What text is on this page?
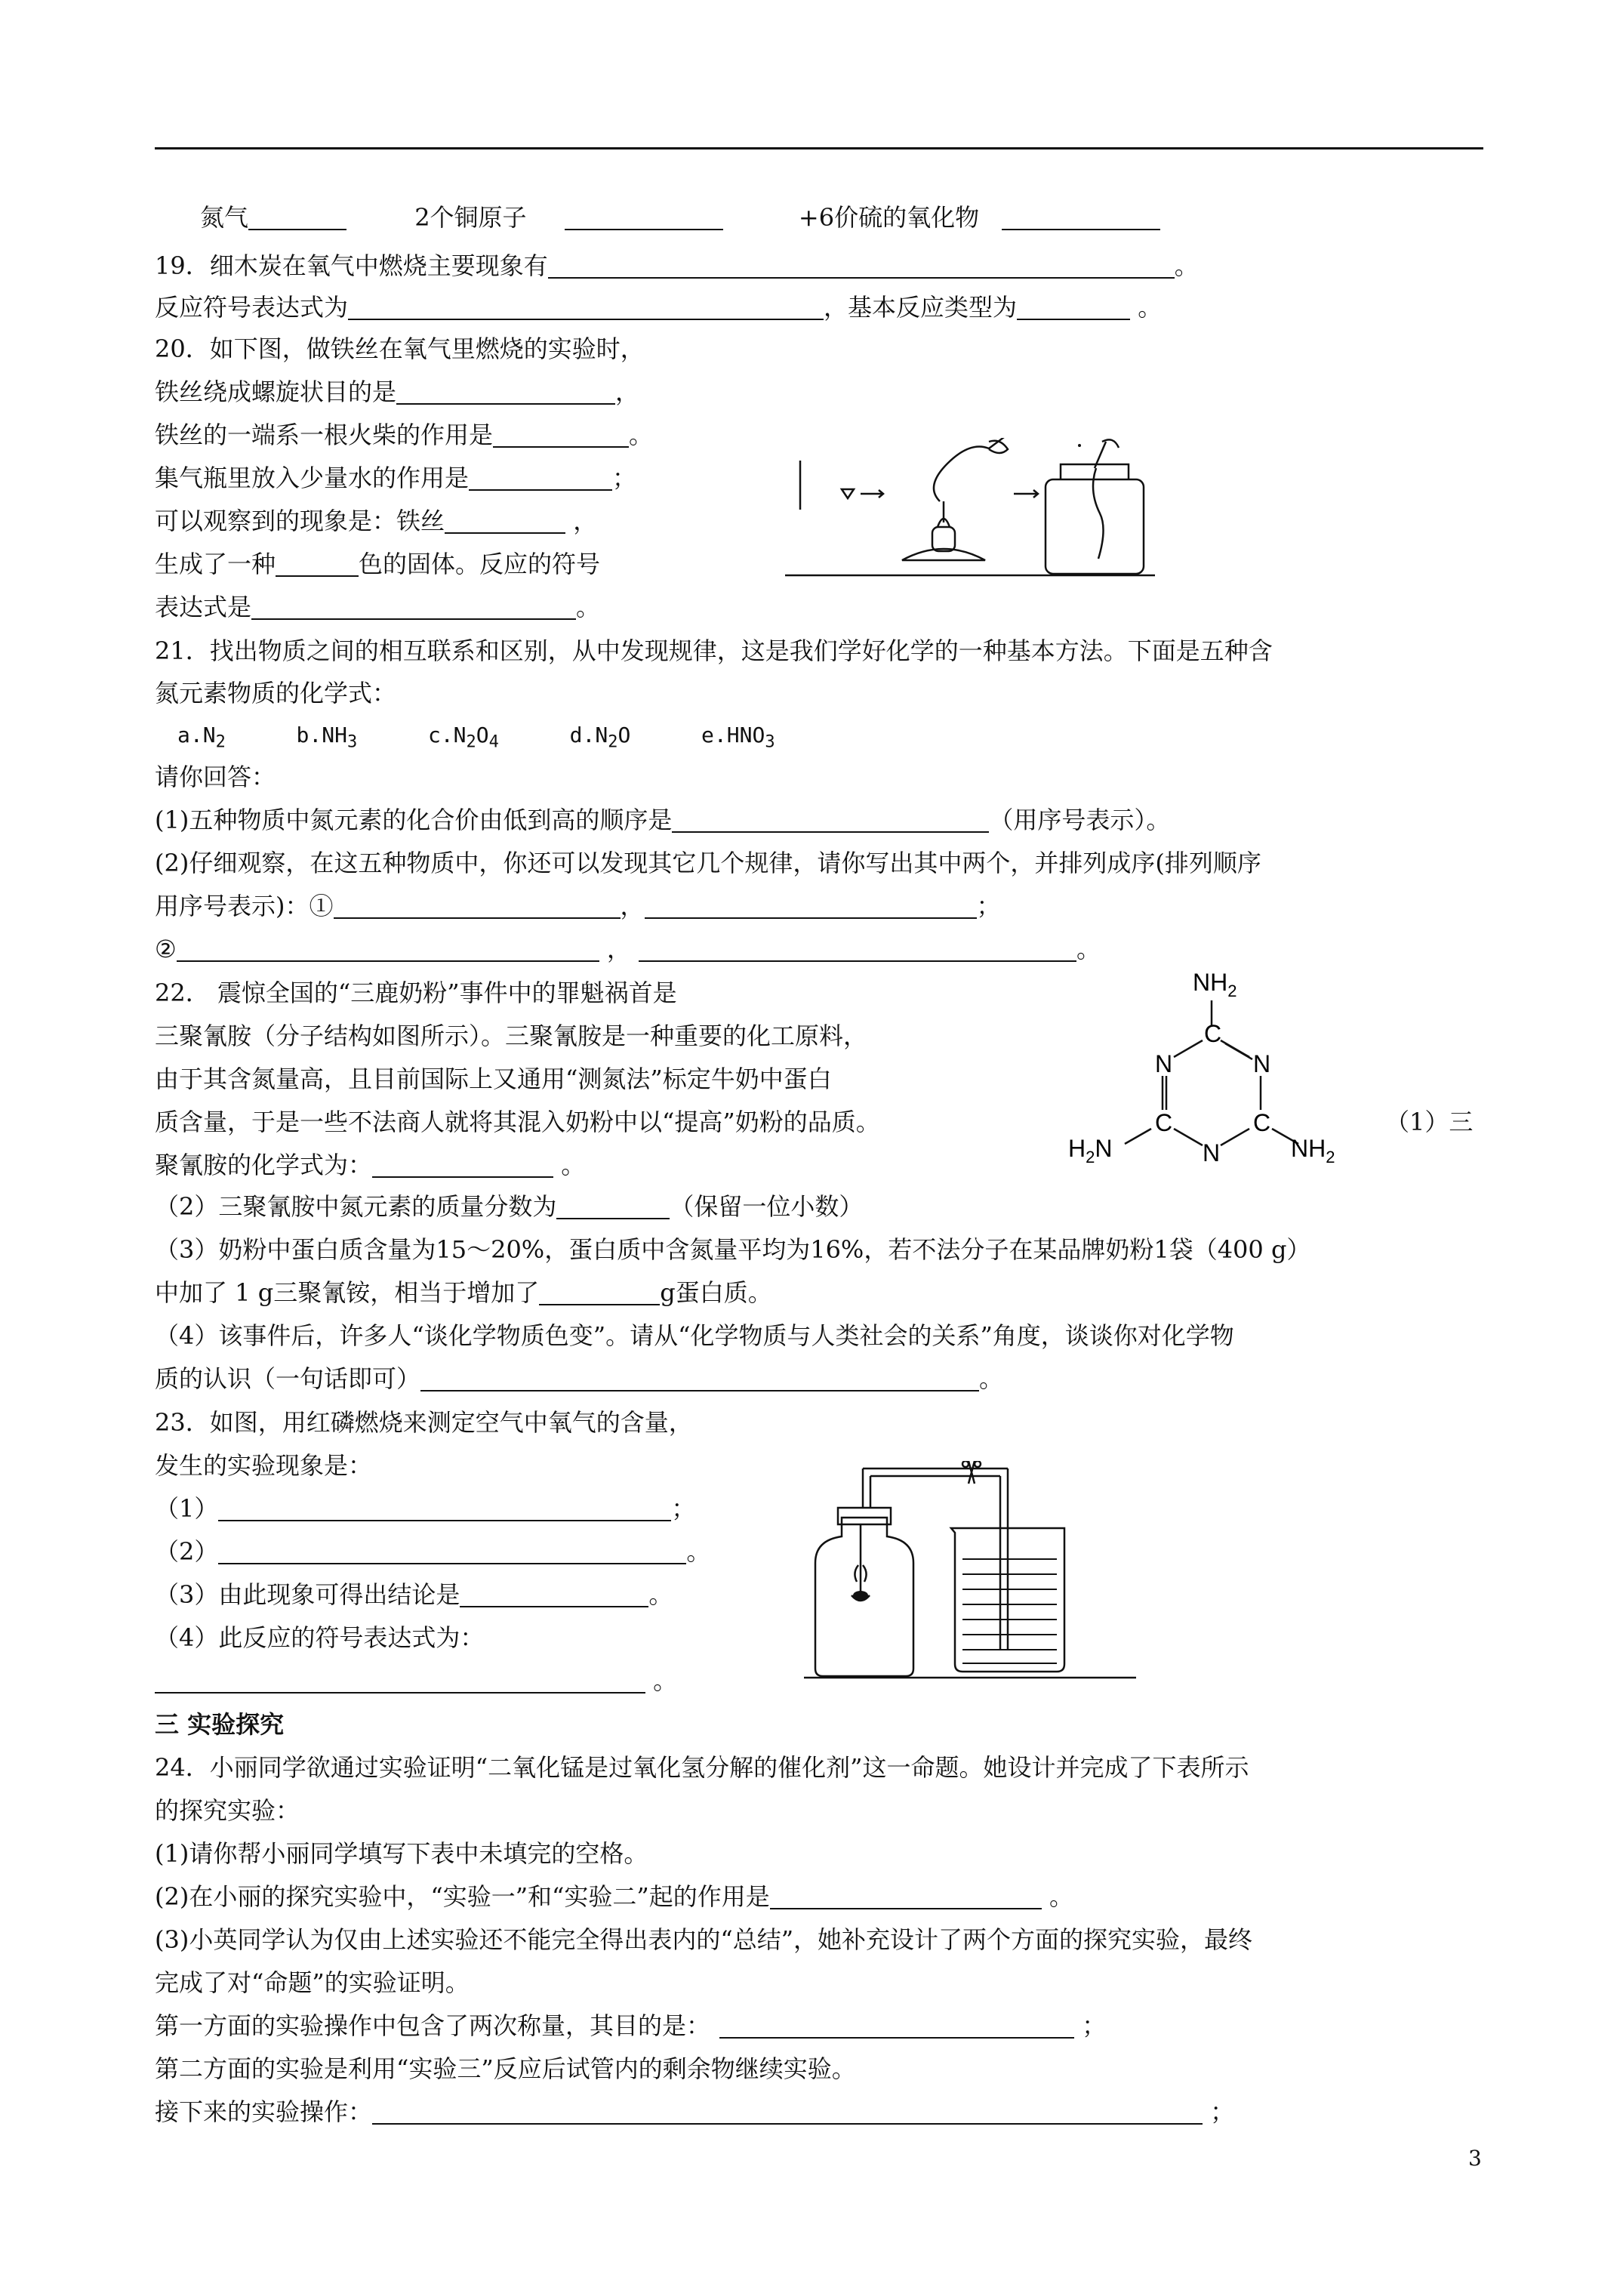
氮气	2个铜原子	+6价硫的氧化物
19．细木炭在氧气中燃烧主要现象有	。
反应符号表达式为	，基本反应类型为	。
20．如下图，做铁丝在氧气里燃烧的实验时，
铁丝绕成螺旋状目的是	，
铁丝的一端系一根火柴的作用是	。
集气瓶里放入少量水的作用是	；
可以观察到的现象是：铁丝	，
生成了一种	色的固体。反应的符号
表达式是	。
21．找出物质之间的相互联系和区别，从中发现规律，这是我们学好化学的一种基本方法。下面是五种含
氮元素物质的化学式：
$a.N_2$	$b.NH_3$	$c.N_2O_4$	$d.N_2O$	$e.HNO_3$
请你回答：
(1)五种物质中氮元素的化合价由低到高的顺序是	（用序号表示）。
(2)仔细观察，在这五种物质中，你还可以发现其它几个规律，请你写出其中两个，并排列成序(排列顺序
用序号表示)：①	，	；
②	，	。
22． 震惊全国的“三鹿奶粉”事件中的罪魁祸首是
三聚氰胺（分子结构如图所示）。三聚氰胺是一种重要的化工原料，
由于其含氮量高，且目前国际上又通用“测氮法”标定牛奶中蛋白
质含量，于是一些不法商人就将其混入奶粉中以“提高”奶粉的品质。	（1）三
聚氰胺的化学式为：	。
（2）三聚氰胺中氮元素的质量分数为	（保留一位小数）
（3）奶粉中蛋白质含量为15～20%，蛋白质中含氮量平均为16%，若不法分子在某品牌奶粉1袋（400 g）
中加了 1 g三聚氰铵，相当于增加了	g蛋白质。
（4）该事件后，许多人“谈化学物质色变”。请从“化学物质与人类社会的关系”角度，谈谈你对化学物
质的认识（一句话即可）	。
$NH_2$
C
N	N
C	C
N
$H_2N$	$NH_2$
23．如图，用红磷燃烧来测定空气中氧气的含量，
发生的实验现象是：
（1）	；
（2）	。
（3）由此现象可得出结论是	。
（4）此反应的符号表达式为：
。
三 实验探究
24．小丽同学欲通过实验证明“二氧化锰是过氧化氢分解的催化剂”这一命题。她设计并完成了下表所示
的探究实验：
(1)请你帮小丽同学填写下表中未填完的空格。
(2)在小丽的探究实验中，“实验一”和“实验二”起的作用是	。
(3)小英同学认为仅由上述实验还不能完全得出表内的“总结”，她补充设计了两个方面的探究实验，最终
完成了对“命题”的实验证明。
第一方面的实验操作中包含了两次称量，其目的是：	；
第二方面的实验是利用“实验三”反应后试管内的剩余物继续实验。
接下来的实验操作：	；
3
